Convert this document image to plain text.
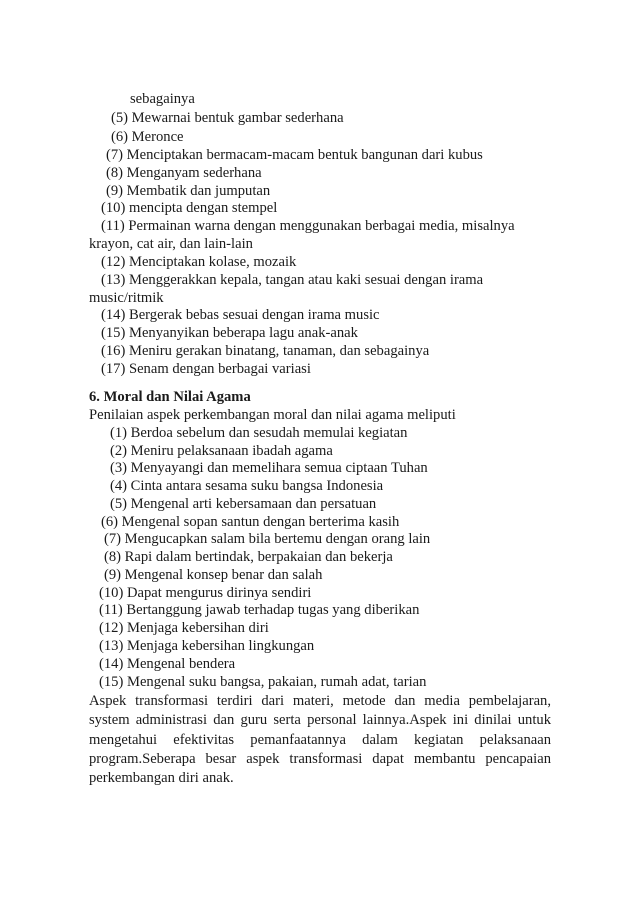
sebagainya
(5) Mewarnai bentuk gambar sederhana
(6) Meronce
(7) Menciptakan bermacam-macam bentuk bangunan dari kubus
(8) Menganyam sederhana
(9) Membatik dan jumputan
(10) mencipta dengan stempel
(11) Permainan warna dengan menggunakan berbagai media, misalnya
krayon, cat air, dan lain-lain
(12) Menciptakan kolase, mozaik
(13) Menggerakkan kepala, tangan atau kaki sesuai dengan irama
music/ritmik
(14) Bergerak bebas sesuai dengan irama music
(15) Menyanyikan beberapa lagu anak-anak
(16) Meniru gerakan binatang, tanaman, dan sebagainya
(17) Senam dengan berbagai variasi
6. Moral dan Nilai Agama
Penilaian aspek perkembangan moral dan nilai agama meliputi
(1) Berdoa sebelum dan sesudah memulai kegiatan
(2) Meniru pelaksanaan ibadah agama
(3) Menyayangi dan memelihara semua ciptaan Tuhan
(4) Cinta antara sesama suku bangsa Indonesia
(5) Mengenal arti kebersamaan dan persatuan
(6) Mengenal sopan santun dengan berterima kasih
(7) Mengucapkan salam bila bertemu dengan orang lain
(8) Rapi dalam bertindak, berpakaian dan bekerja
(9) Mengenal konsep benar dan salah
(10) Dapat mengurus dirinya sendiri
(11) Bertanggung jawab terhadap tugas yang diberikan
(12) Menjaga kebersihan diri
(13) Menjaga kebersihan lingkungan
(14) Mengenal bendera
(15) Mengenal suku bangsa, pakaian, rumah adat, tarian
Aspek transformasi terdiri dari materi, metode dan media pembelajaran, system administrasi dan guru serta personal lainnya.Aspek ini dinilai untuk mengetahui efektivitas pemanfaatannya dalam kegiatan pelaksanaan program.Seberapa besar aspek transformasi dapat membantu pencapaian perkembangan diri anak.
